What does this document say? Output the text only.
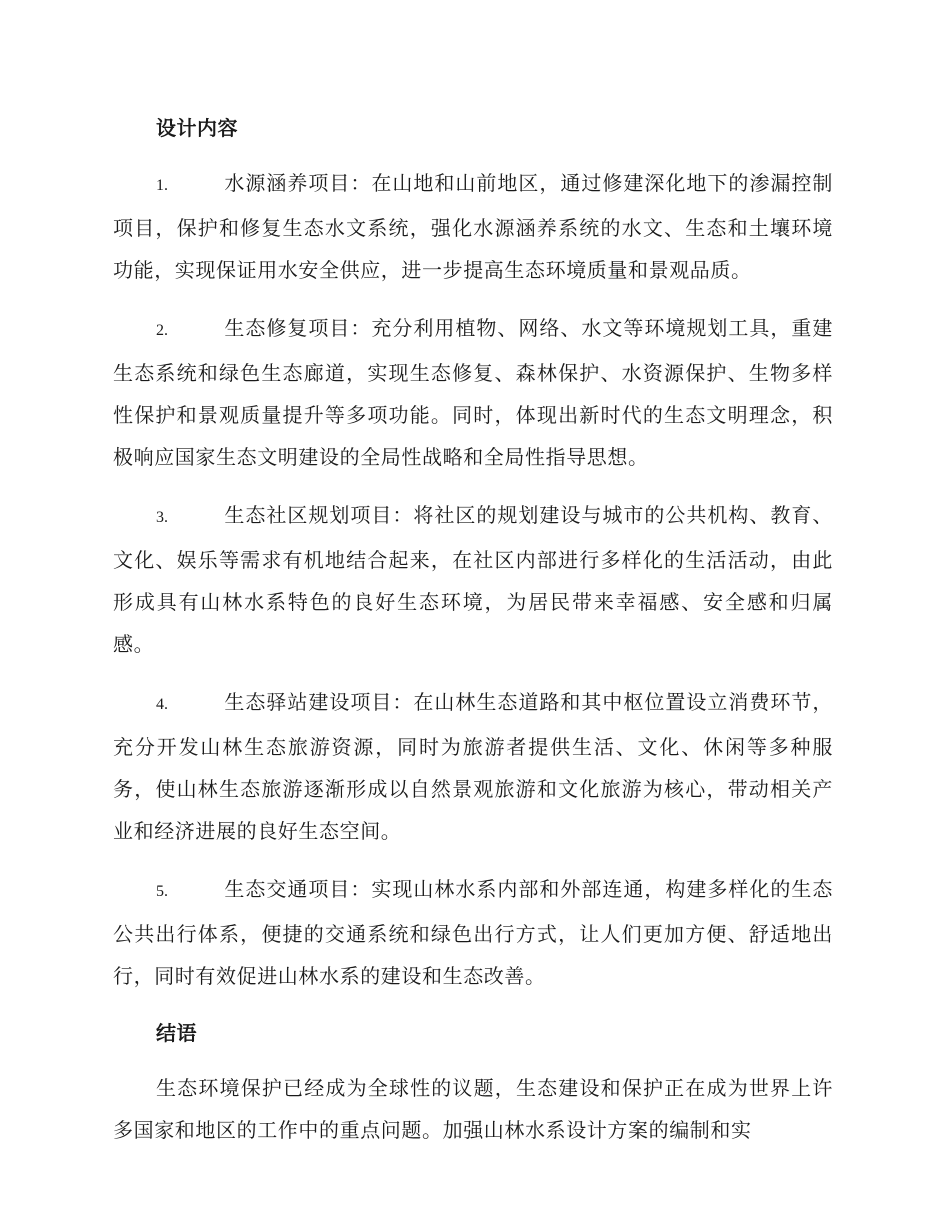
设计内容

1.	水源涵养项目：在山地和山前地区，通过修建深化地下的渗漏控制项目，保护和修复生态水文系统，强化水源涵养系统的水文、生态和土壤环境功能，实现保证用水安全供应，进一步提高生态环境质量和景观品质。

2.	生态修复项目：充分利用植物、网络、水文等环境规划工具，重建生态系统和绿色生态廊道，实现生态修复、森林保护、水资源保护、生物多样性保护和景观质量提升等多项功能。同时，体现出新时代的生态文明理念，积极响应国家生态文明建设的全局性战略和全局性指导思想。

3.	生态社区规划项目：将社区的规划建设与城市的公共机构、教育、文化、娱乐等需求有机地结合起来，在社区内部进行多样化的生活活动，由此形成具有山林水系特色的良好生态环境，为居民带来幸福感、安全感和归属感。

4.	生态驿站建设项目：在山林生态道路和其中枢位置设立消费环节，充分开发山林生态旅游资源，同时为旅游者提供生活、文化、休闲等多种服务，使山林生态旅游逐渐形成以自然景观旅游和文化旅游为核心，带动相关产业和经济进展的良好生态空间。

5.	生态交通项目：实现山林水系内部和外部连通，构建多样化的生态公共出行体系，便捷的交通系统和绿色出行方式，让人们更加方便、舒适地出行，同时有效促进山林水系的建设和生态改善。

结语

生态环境保护已经成为全球性的议题，生态建设和保护正在成为世界上许多国家和地区的工作中的重点问题。加强山林水系设计方案的编制和实
